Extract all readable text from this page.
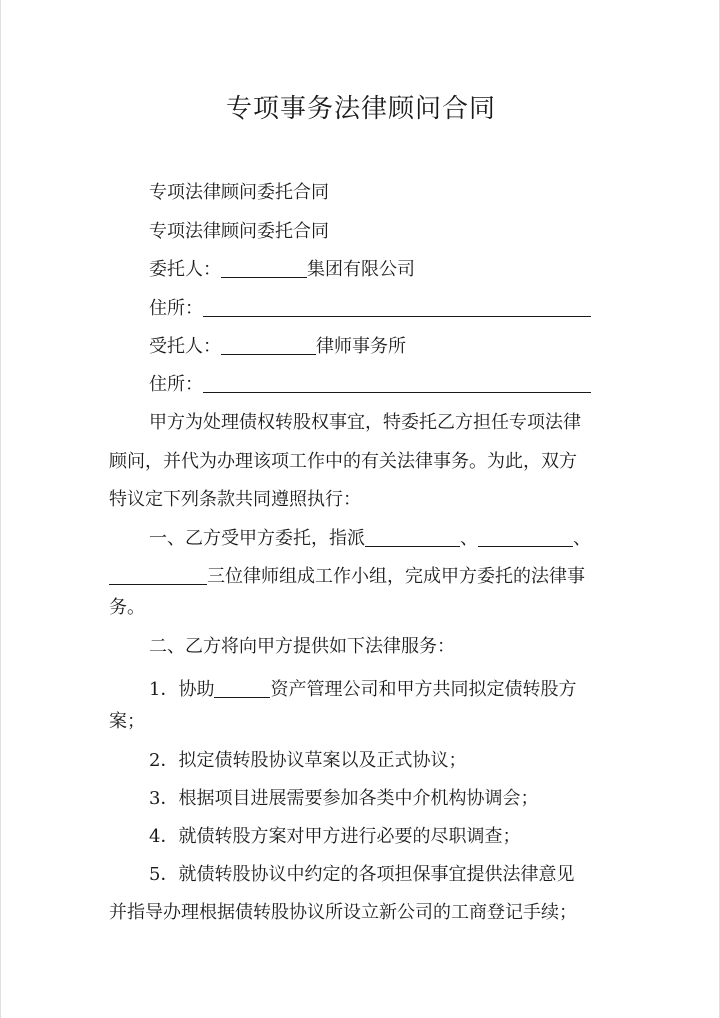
专项事务法律顾问合同
专项法律顾问委托合同
专项法律顾问委托合同
委托人：	集团有限公司
住所：
受托人：	律师事务所
住所：
甲方为处理债权转股权事宜，特委托乙方担任专项法律
顾问，并代为办理该项工作中的有关法律事务。为此，双方
特议定下列条款共同遵照执行：
一、乙方受甲方委托，指派	、	、
三位律师组成工作小组，完成甲方委托的法律事
务。
二、乙方将向甲方提供如下法律服务：
1．协助	资产管理公司和甲方共同拟定债转股方
案；
2．拟定债转股协议草案以及正式协议；
3．根据项目进展需要参加各类中介机构协调会；
4．就债转股方案对甲方进行必要的尽职调查；
5．就债转股协议中约定的各项担保事宜提供法律意见
并指导办理根据债转股协议所设立新公司的工商登记手续；
